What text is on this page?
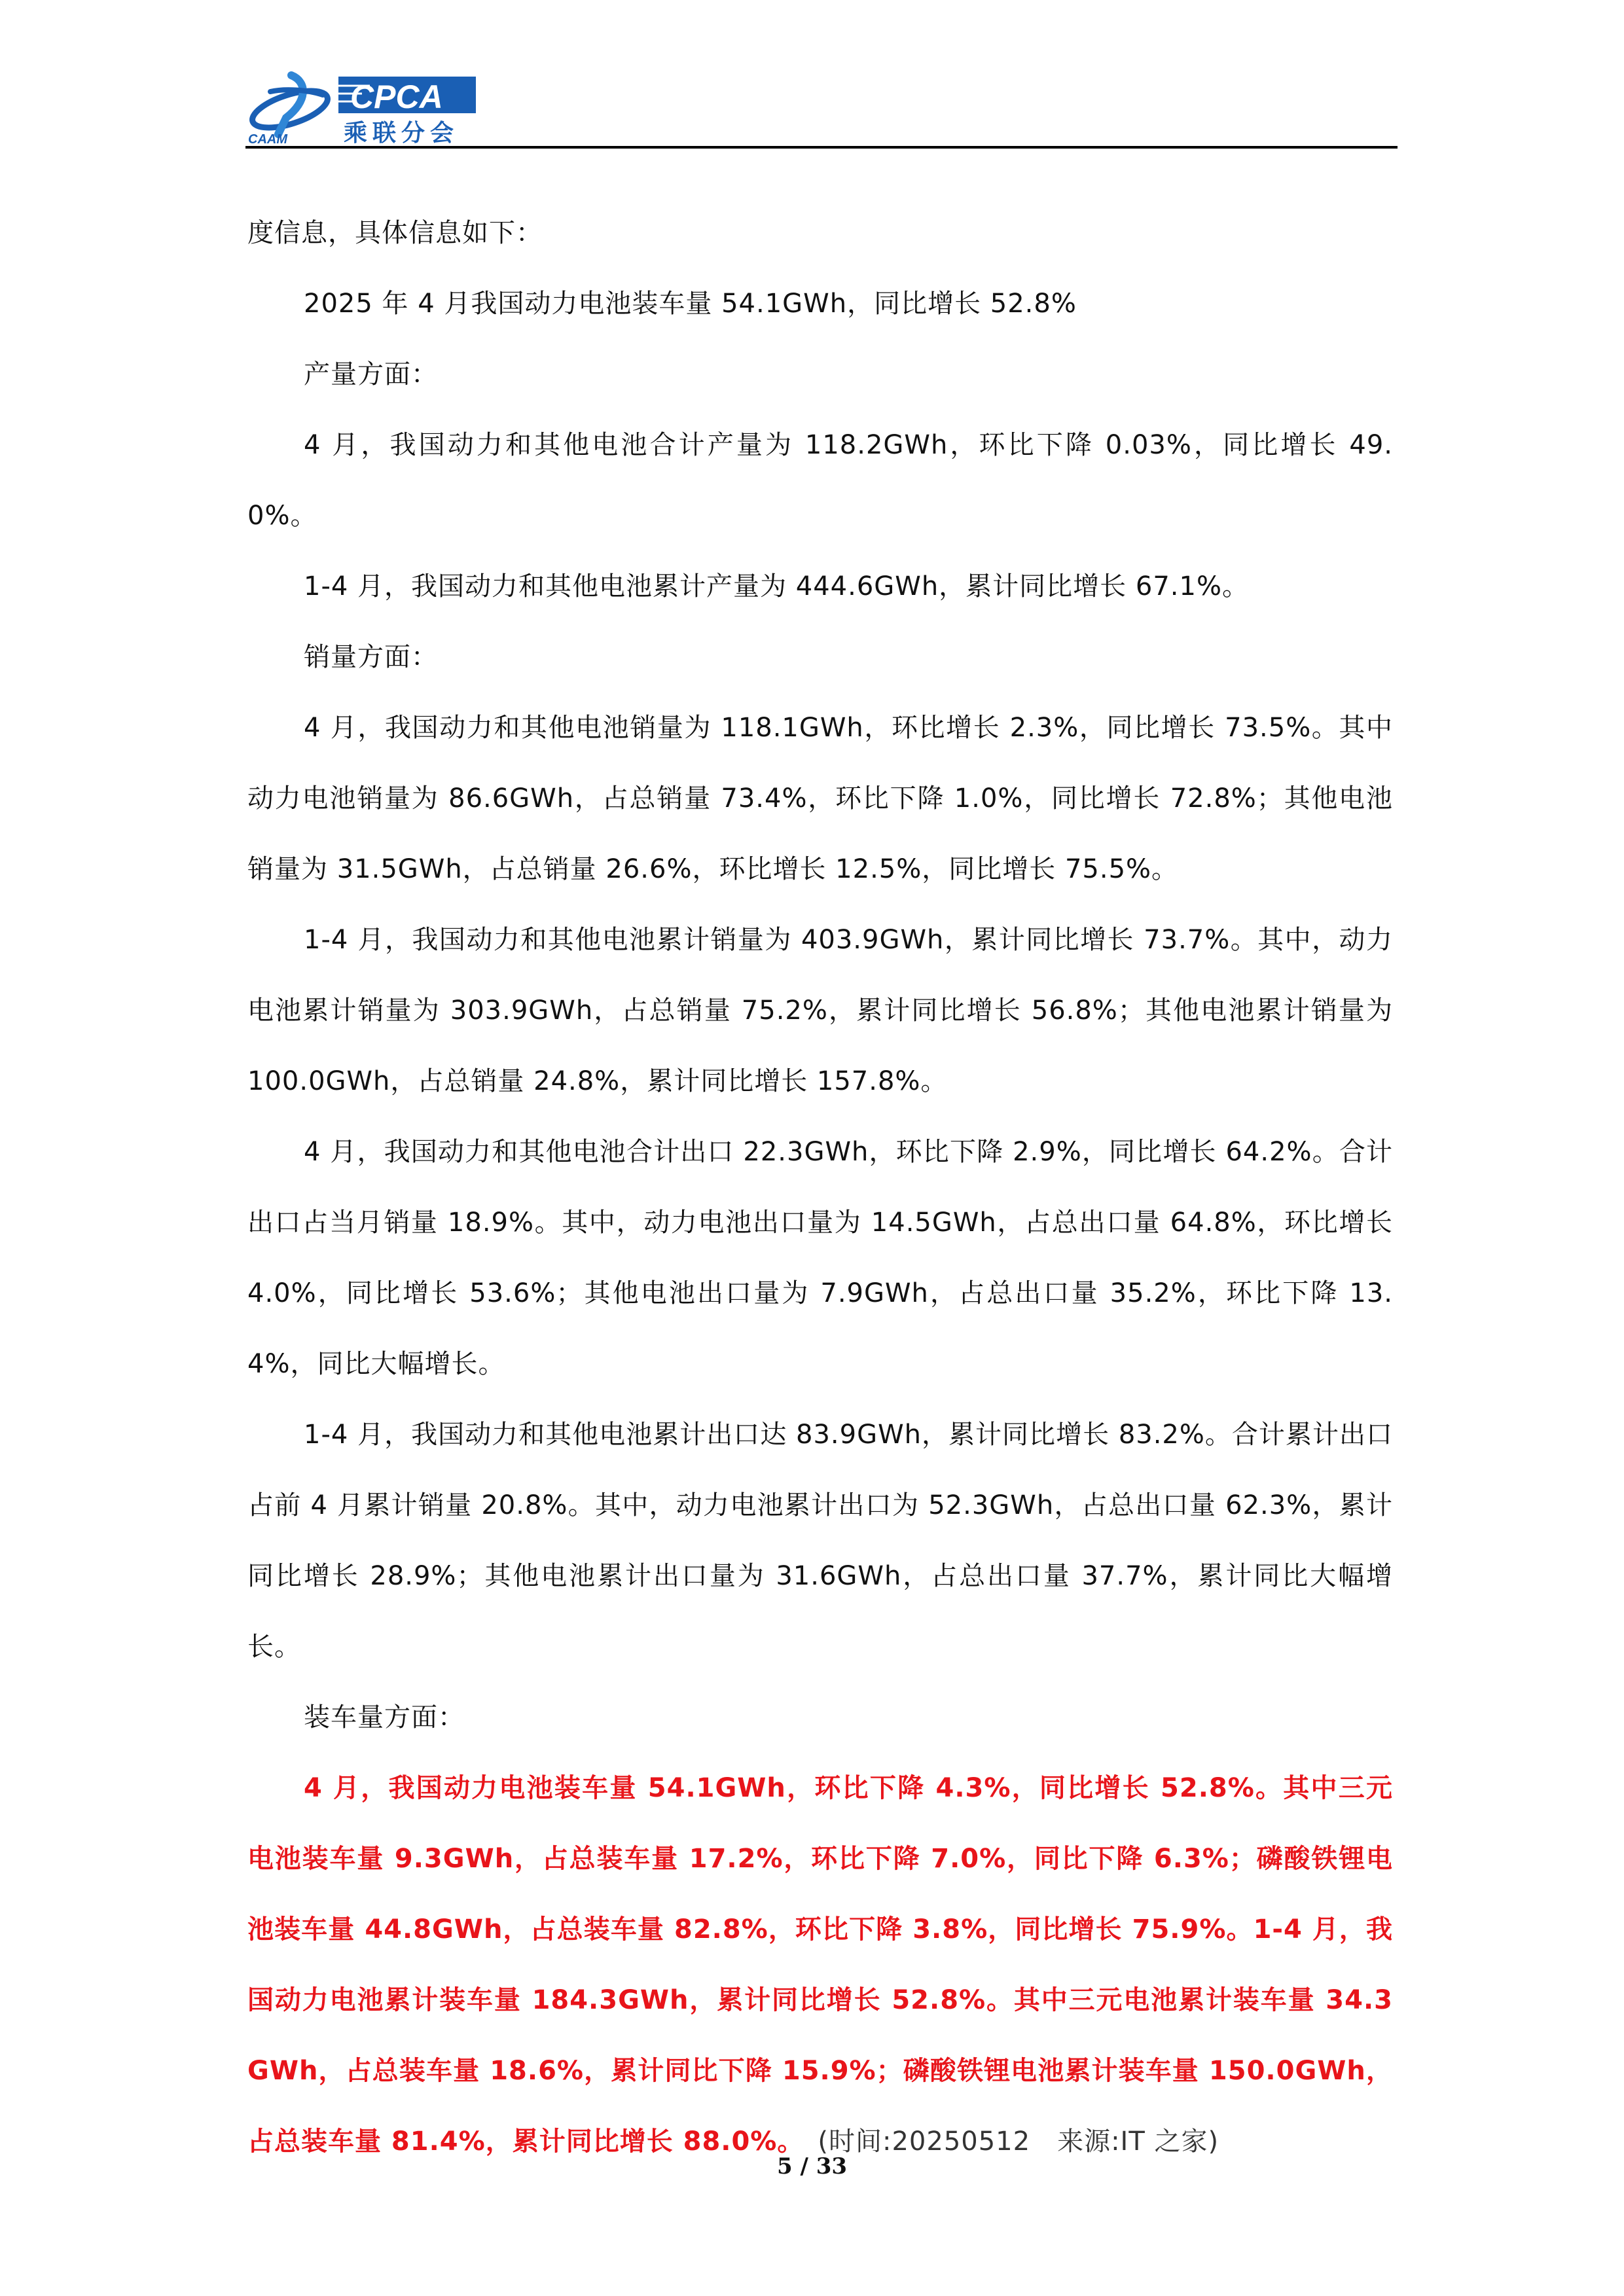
CAAM
CPCA
乘联分会

度信息，具体信息如下：

2025 年 4 月我国动力电池装车量 54.1GWh，同比增长 52.8%

产量方面：

4 月，我国动力和其他电池合计产量为 118.2GWh，环比下降 0.03%，同比增长 49.0%。

1-4 月，我国动力和其他电池累计产量为 444.6GWh，累计同比增长 67.1%。

销量方面：

4 月，我国动力和其他电池销量为 118.1GWh，环比增长 2.3%，同比增长 73.5%。其中动力电池销量为 86.6GWh，占总销量 73.4%，环比下降 1.0%，同比增长 72.8%；其他电池销量为 31.5GWh，占总销量 26.6%，环比增长 12.5%，同比增长 75.5%。

1-4 月，我国动力和其他电池累计销量为 403.9GWh，累计同比增长 73.7%。其中，动力电池累计销量为 303.9GWh，占总销量 75.2%，累计同比增长 56.8%；其他电池累计销量为 100.0GWh，占总销量 24.8%，累计同比增长 157.8%。

4 月，我国动力和其他电池合计出口 22.3GWh，环比下降 2.9%，同比增长 64.2%。合计出口占当月销量 18.9%。其中，动力电池出口量为 14.5GWh，占总出口量 64.8%，环比增长 4.0%，同比增长 53.6%；其他电池出口量为 7.9GWh，占总出口量 35.2%，环比下降 13.4%，同比大幅增长。

1-4 月，我国动力和其他电池累计出口达 83.9GWh，累计同比增长 83.2%。合计累计出口占前 4 月累计销量 20.8%。其中，动力电池累计出口为 52.3GWh，占总出口量 62.3%，累计同比增长 28.9%；其他电池累计出口量为 31.6GWh，占总出口量 37.7%，累计同比大幅增长。

装车量方面：

4 月，我国动力电池装车量 54.1GWh，环比下降 4.3%，同比增长 52.8%。其中三元电池装车量 9.3GWh，占总装车量 17.2%，环比下降 7.0%，同比下降 6.3%；磷酸铁锂电池装车量 44.8GWh，占总装车量 82.8%，环比下降 3.8%，同比增长 75.9%。1-4 月，我国动力电池累计装车量 184.3GWh，累计同比增长 52.8%。其中三元电池累计装车量 34.3GWh，占总装车量 18.6%，累计同比下降 15.9%；磷酸铁锂电池累计装车量 150.0GWh，占总装车量 81.4%，累计同比增长 88.0%。　 (时间:20250512　来源:IT 之家)

5 / 33
